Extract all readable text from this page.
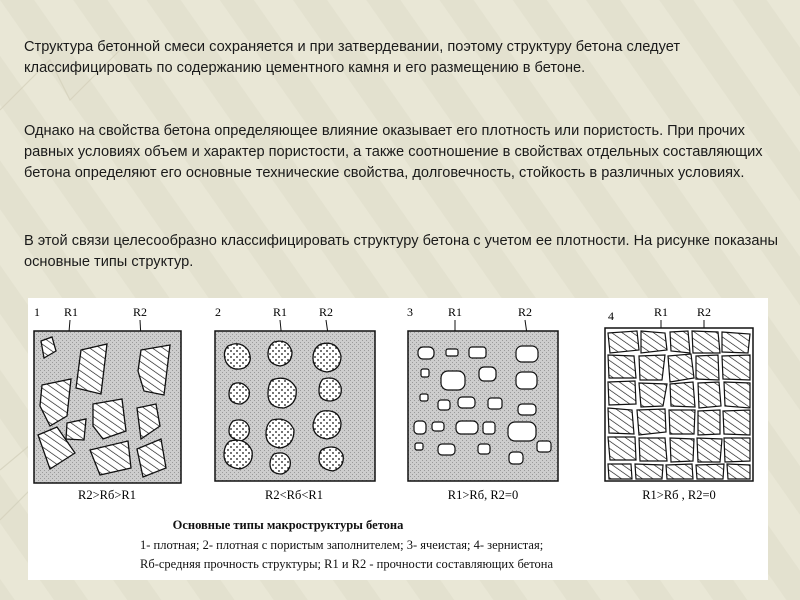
Структура бетонной смеси сохраняется и при затвердевании, поэтому структуру бетона следует классифицировать по содержанию цементного камня и его размещению в бетоне.
Однако на свойства бетона определяющее влияние оказывает его плотность или пористость. При прочих равных условиях объем и характер пористости, а также соотношение в свойствах отдельных составляющих бетона определяют его основные технические свойства, долговечность, стойкость в различных условиях.
В этой связи целесообразно классифицировать структуру бетона с учетом ее плотности. На рисунке показаны основные типы структур.
1 R1	R2
R2>Rб>R1
2	R1	R2
R2<Rб<R1
3	R1	R2
R1>Rб, R2=0
4	R1 R2
R1>Rб , R2=0
Основные типы макроструктуры бетона
1- плотная; 2- плотная с пористым заполнителем; 3- ячеистая; 4- зернистая;
Rб-средняя прочность структуры; R1 и R2 - прочности составляющих бетона
